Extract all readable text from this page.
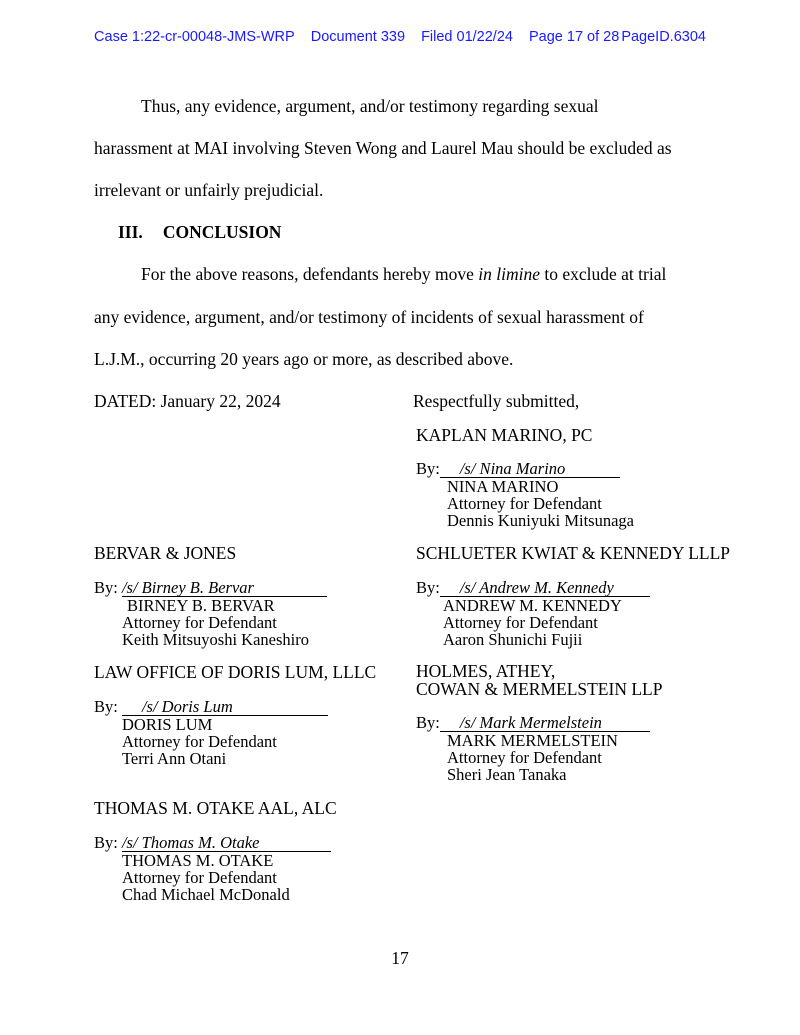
Case 1:22-cr-00048-JMS-WRP Document 339 Filed 01/22/24 Page 17 of 28 PageID.6304
Thus, any evidence, argument, and/or testimony regarding sexual
harassment at MAI involving Steven Wong and Laurel Mau should be excluded as
irrelevant or unfairly prejudicial.
III. CONCLUSION
For the above reasons, defendants hereby move in limine to exclude at trial
any evidence, argument, and/or testimony of incidents of sexual harassment of
L.J.M., occurring 20 years ago or more, as described above.
DATED: January 22, 2024	Respectfully submitted,
KAPLAN MARINO, PC
By: /s/ Nina Marino
NINA MARINO
Attorney for Defendant
Dennis Kuniyuki Mitsunaga
BERVAR & JONES
By: /s/ Birney B. Bervar
BIRNEY B. BERVAR
Attorney for Defendant
Keith Mitsuyoshi Kaneshiro
SCHLUETER KWIAT & KENNEDY LLLP
By: /s/ Andrew M. Kennedy
ANDREW M. KENNEDY
Attorney for Defendant
Aaron Shunichi Fujii
LAW OFFICE OF DORIS LUM, LLLC
By: /s/ Doris Lum
DORIS LUM
Attorney for Defendant
Terri Ann Otani
HOLMES, ATHEY,
COWAN & MERMELSTEIN LLP
By: /s/ Mark Mermelstein
MARK MERMELSTEIN
Attorney for Defendant
Sheri Jean Tanaka
THOMAS M. OTAKE AAL, ALC
By: /s/ Thomas M. Otake
THOMAS M. OTAKE
Attorney for Defendant
Chad Michael McDonald
17
